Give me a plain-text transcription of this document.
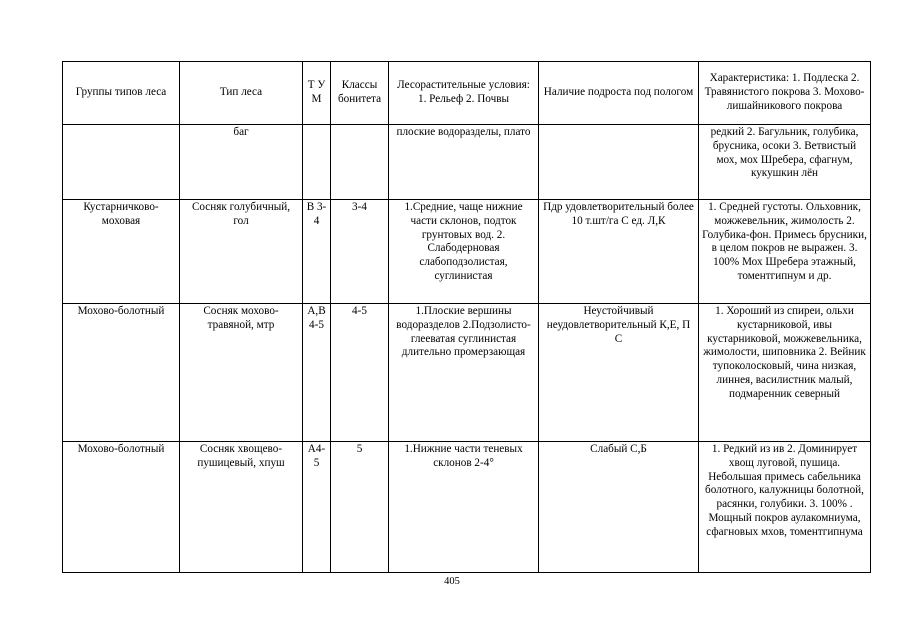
Группы типов леса	Тип леса	Т У М	Классы бонитета	Лесорастительные условия: 1. Рельеф 2. Почвы	Наличие подроста под пологом	Характеристика: 1. Подлеска 2. Травянистого покрова 3. Мохово-лишайникового покрова
	баг			плоские водоразделы, плато		редкий 2. Багульник, голубика, брусника, осоки 3. Ветвистый мох, мох Шребера, сфагнум, кукушкин лён
Кустарничково-моховая	Сосняк голубичный, гол	В 3-4	3-4	1.Средние, чаще нижние части склонов, подток грунтовых вод. 2. Слабодерновая слабоподзолистая, суглинистая	Пдр удовлетворительный более 10 т.шт/га С ед. Л,К	1. Средней густоты. Ольховник, можжевельник, жимолость 2. Голубика-фон. Примесь брусники, в целом покров не выражен. 3. 100% Мох Шребера этажный, томентгипнум и др.
Мохово-болотный	Сосняк мохово-травяной, мтр	А,В 4-5	4-5	1.Плоские вершины водоразделов 2.Подзолисто-глееватая суглинистая длительно промерзающая	Неустойчивый неудовлетворительный К,Е, П С	1. Хороший из спиреи, ольхи кустарниковой, ивы кустарниковой, можжевельника, жимолости, шиповника 2. Вейник тупоколосковый, чина низкая, линнея, василистник малый, подмаренник северный
Мохово-болотный	Сосняк хвощево-пушицевый, хпуш	А4-5	5	1.Нижние части теневых склонов 2-4°	Слабый С,Б	1. Редкий из ив 2. Доминирует хвощ луговой, пушица. Небольшая примесь сабельника болотного, калужницы болотной, расянки, голубики. 3. 100% . Мощный покров аулакомниума, сфагновых мхов, томентгипнума
405
